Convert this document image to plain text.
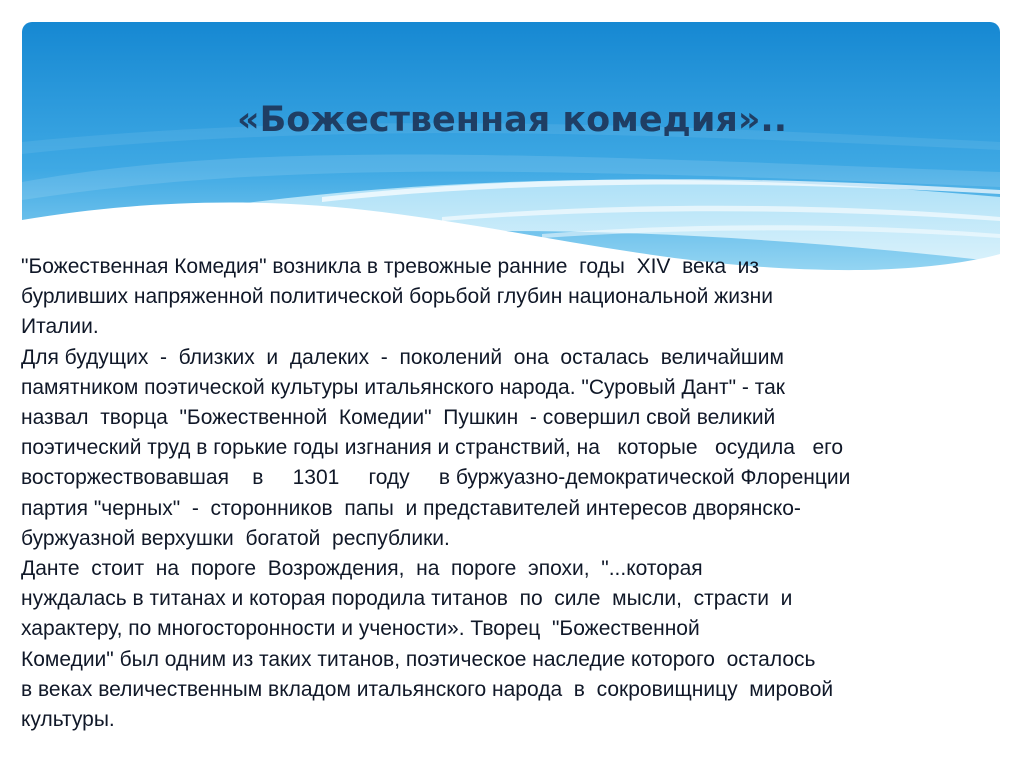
«Божественная комедия»..
"Божественная Комедия" возникла в тревожные ранние  годы  XIV  века  из
бурливших напряженной политической борьбой глубин национальной жизни
Италии.
Для будущих  -  близких  и  далеких  -  поколений  она  осталась  величайшим
памятником поэтической культуры итальянского народа. "Суровый Дант" - так
назвал  творца  "Божественной  Комедии"  Пушкин  - совершил свой великий
поэтический труд в горькие годы изгнания и странствий, на   которые   осудила   его
восторжествовавшая    в     1301     году     в буржуазно-демократической Флоренции
партия "черных"  -  сторонников  папы  и представителей интересов дворянско-
буржуазной верхушки  богатой  республики.
Данте  стоит  на  пороге  Возрождения,  на  пороге  эпохи,  "...которая
нуждалась в титанах и которая породила титанов  по  силе  мысли,  страсти  и
характеру, по многосторонности и учености». Творец  "Божественной
Комедии" был одним из таких титанов, поэтическое наследие которого  осталось
в веках величественным вкладом итальянского народа  в  сокровищницу  мировой
культуры.
